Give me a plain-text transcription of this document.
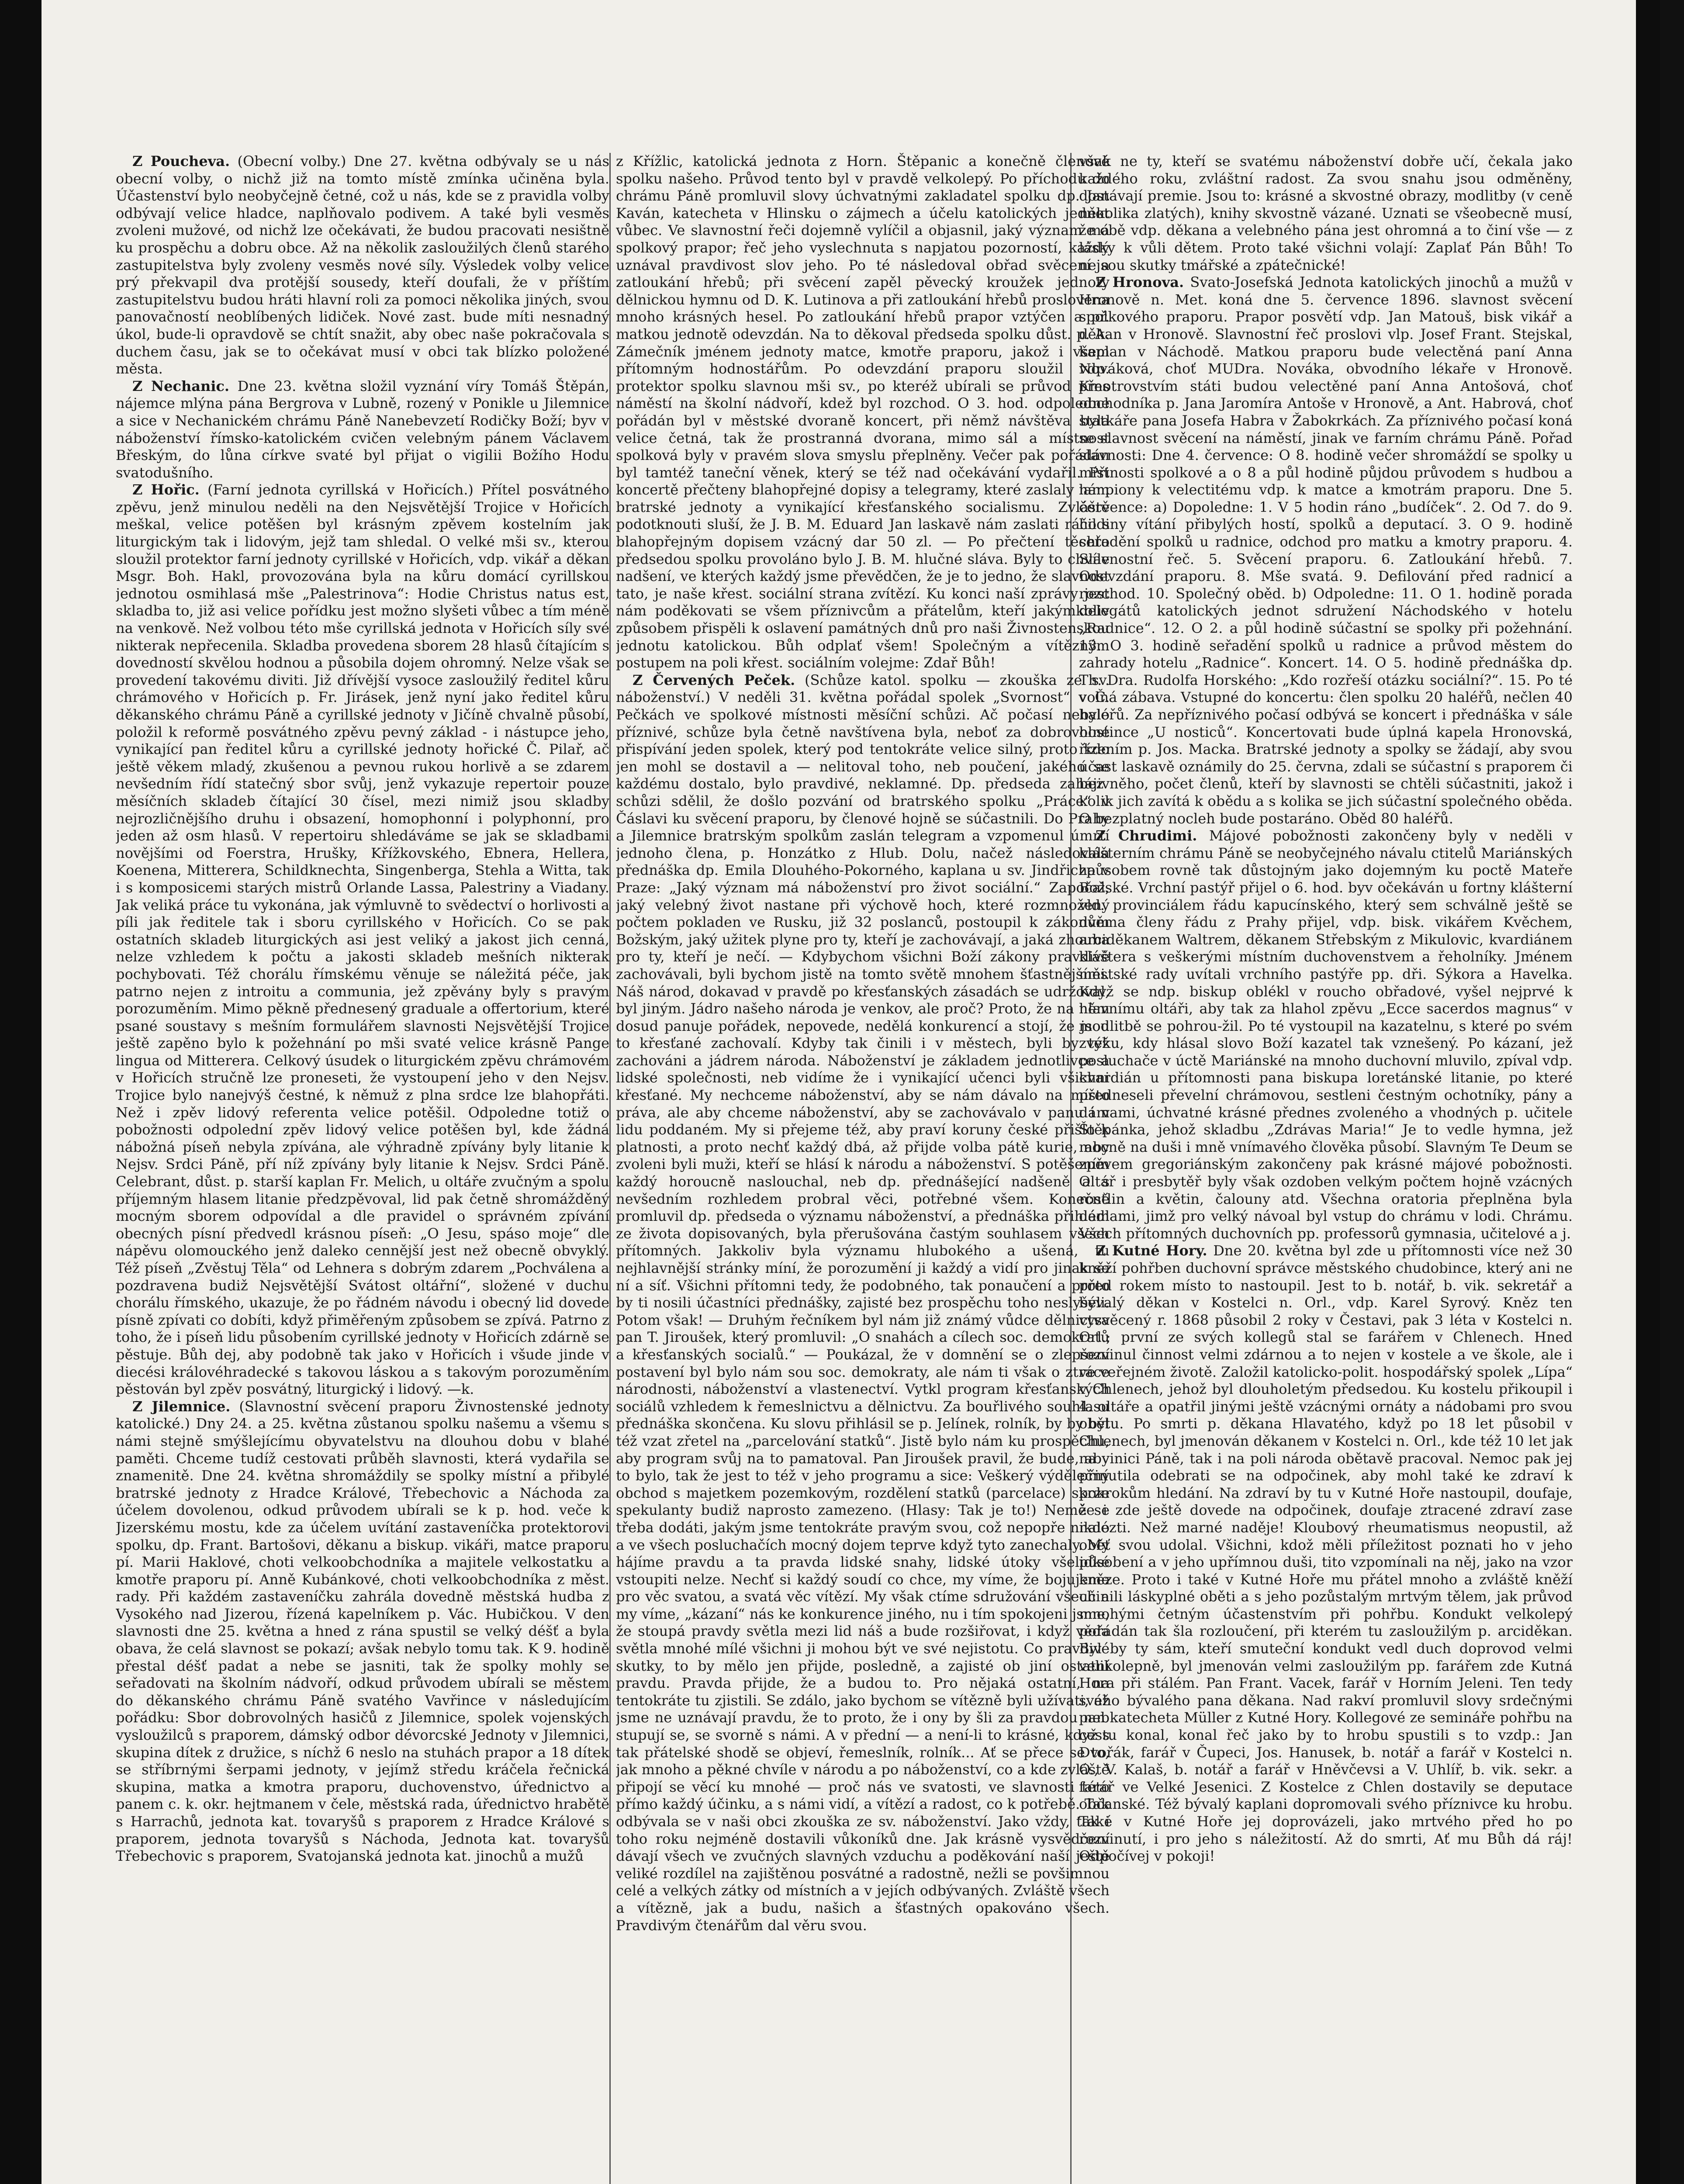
Z Poucheva. (Obecní volby.) Dne 27. května odbývaly se u nás obecní volby, o nichž již na tomto místě zmínka učiněna byla. Účastenství bylo neobyčejně četné, což u nás, kde se z pravidla volby odbývají velice hladce, naplňovalo podivem. A také byli vesměs zvoleni mužové, od nichž lze očekávati, že budou pracovati nesištně ku prospěchu a dobru obce. Až na několik zasloužilých členů starého zastupitelstva byly zvoleny vesměs nové síly. Výsledek volby velice prý překvapil dva protější sousedy, kteří doufali, že v příštím zastupitelstvu budou hráti hlavní roli za pomoci několika jiných, svou panovačností neoblíbených lidiček. Nové zast. bude míti nesnadný úkol, bude-li opravdově se chtít snažit, aby obec naše pokračovala s duchem času, jak se to očekávat musí v obci tak blízko položené města.

Z Nechanic. Dne 23. května složil vyznání víry Tomáš Štěpán, nájemce mlýna pána Bergrova v Lubně, rozený v Ponikle u Jilemnice a sice v Nechanickém chrámu Páně Nanebevzetí Rodičky Boží; byv v náboženství římsko-katolickém cvičen velebným pánem Václavem Břeským, do lůna církve svaté byl přijat o vigilii Božího Hodu svatodušního.

Z Hořic. (Farní jednota cyrillská v Hořicích.) Přítel posvátného zpěvu, jenž minulou neděli na den Nejsvětější Trojice v Hořicích meškal, velice potěšen byl krásným zpěvem kostelním jak liturgickým tak i lidovým, jejž tam shledal. O velké mši sv., kterou sloužil protektor farní jednoty cyrillské v Hořicích, vdp. vikář a děkan Msgr. Boh. Hakl, provozována byla na kůru domácí cyrillskou jednotou osmihlasá mše „Palestrinova“: Hodie Christus natus est, skladba to, již asi velice pořídku jest možno slyšeti vůbec a tím méně na venkově. Než volbou této mše cyrillská jednota v Hořicích síly své nikterak nepřecenila. Skladba provedena sborem 28 hlasů čítajícím s dovedností skvělou hodnou a působila dojem ohromný. Nelze však se provedení takovému diviti. Již dřívější vysoce zasloužilý ředitel kůru chrámového v Hořicích p. Fr. Jirásek, jenž nyní jako ředitel kůru děkanského chrámu Páně a cyrillské jednoty v Jičíně chvalně působí, položil k reformě posvátného zpěvu pevný základ - i nástupce jeho, vynikající pan ředitel kůru a cyrillské jednoty hořické Č. Pilař, ač ještě věkem mladý, zkušenou a pevnou rukou horlivě a se zdarem nevšedním řídí statečný sbor svůj, jenž vykazuje repertoir pouze měsíčních skladeb čítající 30 čísel, mezi nimiž jsou skladby nejrozličnějšího druhu i obsazení, homophonní i polyphonní, pro jeden až osm hlasů. V repertoiru shledáváme se jak se skladbami novějšími od Foerstra, Hrušky, Křížkovského, Ebnera, Hellera, Koenena, Mitterera, Schildknechta, Singenberga, Stehla a Witta, tak i s komposicemi starých mistrů Orlande Lassa, Palestriny a Viadany. Jak veliká práce tu vykonána, jak výmluvně to svědectví o horlivosti a píli jak ředitele tak i sboru cyrillského v Hořicích. Co se pak ostatních skladeb liturgických asi jest veliký a jakost jich cenná, nelze vzhledem k počtu a jakosti skladeb mešních nikterak pochybovati. Též chorálu římskému věnuje se náležitá péče, jak patrno nejen z introitu a communia, jež zpěvány byly s pravým porozuměním. Mimo pěkně přednesený graduale a offertorium, které psané soustavy s mešním formulářem slavnosti Nejsvětější Trojice ještě zapěno bylo k požehnání po mši svaté velice krásně Pange lingua od Mitterera. Celkový úsudek o liturgickém zpěvu chrámovém v Hořicích stručně lze proneseti, že vystoupení jeho v den Nejsv. Trojice bylo nanejvýš čestné, k němuž z plna srdce lze blahopřáti. Než i zpěv lidový referenta velice potěšil. Odpoledne totiž o pobožnosti odpolední zpěv lidový velice potěšen byl, kde žádná nábožná píseň nebyla zpívána, ale výhradně zpívány byly litanie k Nejsv. Srdci Páně, pří níž zpívány byly litanie k Nejsv. Srdci Páně. Celebrant, důst. p. starší kaplan Fr. Melich, u oltáře zvučným a spolu příjemným hlasem litanie předzpěvoval, lid pak četně shromážděný mocným sborem odpovídal a dle pravidel o správném zpívání obecných písní předvedl krásnou píseň: „O Jesu, spáso moje“ dle nápěvu olomouckého jenž daleko cennější jest než obecně obvyklý. Též píseň „Zvěstuj Těla“ od Lehnera s dobrým zdarem „Pochválena a pozdravena budiž Nejsvětější Svátost oltářní“, složené v duchu chorálu římského, ukazuje, že po řádném návodu i obecný lid dovede písně zpívati co dobíti, když přiměřeným způsobem se zpívá. Patrno z toho, že i píseň lidu působením cyrillské jednoty v Hořicích zdárně se pěstuje. Bůh dej, aby podobně tak jako v Hořicích i všude jinde v diecési královéhradecké s takovou láskou a s takovým porozuměním pěstován byl zpěv posvátný, liturgický i lidový. —k.

Z Jilemnice. (Slavnostní svěcení praporu Živnostenské jednoty katolické.) Dny 24. a 25. května zůstanou spolku našemu a všemu s námi stejně smýšlejícímu obyvatelstvu na dlouhou dobu v blahé paměti. Chceme tudíž cestovati průběh slavnosti, která vydařila se znamenitě. Dne 24. května shromáždily se spolky místní a přibylé bratrské jednoty z Hradce Králové, Třebechovic a Náchoda za účelem dovolenou, odkud průvodem ubírali se k p. hod. veče k Jizerskému mostu, kde za účelem uvítání zastaveníčka protektorovi spolku, dp. Frant. Bartošovi, děkanu a biskup. vikáři, matce praporu pí. Marii Haklové, choti velkoobchodníka a majitele velkostatku a kmotře praporu pí. Anně Kubánkové, choti velkoobchodníka z měst. rady. Při každém zastaveníčku zahrála dovedně městská hudba z Vysokého nad Jizerou, řízená kapelníkem p. Vác. Hubičkou. V den slavnosti dne 25. května a hned z rána spustil se velký déšť a byla obava, že celá slavnost se pokazí; avšak nebylo tomu tak. K 9. hodině přestal déšť padat a nebe se jasniti, tak že spolky mohly se seřadovati na školním nádvoří, odkud průvodem ubírali se městem do děkanského chrámu Páně svatého Vavřince v následujícím pořádku: Sbor dobrovolných hasičů z Jilemnice, spolek vojenských vysloužilců s praporem, dámský odbor dévorcské Jednoty v Jilemnici, skupina dítek z družice, s níchž 6 neslo na stuhách prapor a 18 dítek se stříbrnými šerpami jednoty, v jejímž středu kráčela řečnická skupina, matka a kmotra praporu, duchovenstvo, úřednictvo a panem c. k. okr. hejtmanem v čele, městská rada, úřednictvo hrabětě s Harrachů, jednota kat. tovaryšů s praporem z Hradce Králové s praporem, jednota tovaryšů s Náchoda, Jednota kat. tovaryšů Třebechovic s praporem, Svatojanská jednota kat. jinochů a mužů

z Křížlic, katolická jednota z Horn. Štěpanic a konečně členové spolku našeho. Průvod tento byl v pravdě velkolepý. Po příchodu do chrámu Páně promluvil slovy úchvatnými zakladatel spolku dp. Jan Kaván, katecheta v Hlinsku o zájmech a účelu katolických jednot vůbec. Ve slavnostní řeči dojemně vylíčil a objasnil, jaký význam má spolkový prapor; řeč jeho vyslechnuta s napjatou pozorností, každý uznával pravdivost slov jeho. Po té následoval obřad svěcení a zatloukání hřebů; při svěcení zapěl pěvecký kroužek jednoty dělnickou hymnu od D. K. Lutinova a při zatloukání hřebů proslovena mnoho krásných hesel. Po zatloukání hřebů prapor vztýčen a př. matkou jednotě odevzdán. Na to děkoval předseda spolku důst. p. A. Zámečník jménem jednoty matce, kmotře praporu, jakož i všem přítomným hodnostářům. Po odevzdání praporu sloužil vdp. protektor spolku slavnou mši sv., po kteréž ubírali se průvod přes náměstí na školní nádvoří, kdež byl rozchod. O 3. hod. odpoledne pořádán byl v městské dvoraně koncert, při němž návštěva byla velice četná, tak že prostranná dvorana, mimo sál a místnost spolková byly v pravém slova smyslu přeplněny. Večer pak pořádán byl tamtéž taneční věnek, který se též nad očekávání vydařil. Při koncertě přečteny blahopřejné dopisy a telegramy, které zaslaly nám bratrské jednoty a vynikající křesťanského socialismu. Zvláště podotknouti sluší, že J. B. M. Eduard Jan laskavě nám zaslati ráčil s blahopřejným dopisem vzácný dar 50 zl. — Po přečtení těchto předsedou spolku provoláno bylo J. B. M. hlučné sláva. Byly to chvíle nadšení, ve kterých každý jsme převědčen, že je to jedno, že slavnost tato, je naše křest. sociální strana zvítězí. Ku konci naší zprávy jest nám poděkovati se všem příznivcům a přátelům, kteří jakýmkoliv způsobem přispěli k oslavení památných dnů pro naši Živnostenskou jednotu katolickou. Bůh odplať všem! Společným a vítězným postupem na poli křest. sociálním volejme: Zdař Bůh!

Z Červených Peček. (Schůze katol. spolku — zkouška ze sv. náboženství.) V neděli 31. května pořádal spolek „Svornost“ v Č. Pečkách ve spolkové místnosti měsíční schůzi. Ač počasí nebylo příznivé, schůze byla četně navštívena byla, neboť za dobrovolné přispívání jeden spolek, který pod tentokráte velice silný, proto kdo jen mohl se dostavil a — nelitoval toho, neb poučení, jakého se každému dostalo, bylo pravdivé, neklamné. Dp. předseda zahájiv schůzi sdělil, že došlo pozvání od bratrského spolku „Práce“ v Čáslavi ku svěcení praporu, by členové hojně se súčastnili. Do Prahy a Jilemnice bratrským spolkům zaslán telegram a vzpomenul úmrtí jednoho člena, p. Honzátko z Hlub. Dolu, načež následovala přednáška dp. Emila Dlouhého-Pokorného, kaplana u sv. Jindřicha v Praze: „Jaký význam má náboženství pro život sociální.“ Započal, jaký velebný život nastane při výchově hoch, které rozmnožený počtem pokladen ve Rusku, již 32 poslanců, postoupil k zákonům Božským, jaký užitek plyne pro ty, kteří je zachovávají, a jaká zhouba pro ty, kteří je nečí. — Kdybychom všichni Boží zákony pravdivě zachovávali, byli bychom jistě na tomto světě mnohem šťastnějšími. Náš národ, dokavad v pravdě po křesťanských zásadách se udržoval, byl jiným. Jádro našeho národa je venkov, ale proč? Proto, že na něm dosud panuje pořádek, nepovede, nedělá konkurencí a stojí, že jsou to křesťané zachovalí. Kdyby tak činili i v městech, byli by též zachováni a jádrem národa. Náboženství je základem jednotlivce a lidské společnosti, neb vidíme že i vynikající učenci byli všichni křesťané. My nechceme náboženství, aby se nám dávalo na místo práva, ale aby chceme náboženství, aby se zachovávalo v panu i v lidu poddaném. My si přejeme též, aby praví koruny české přišlo k platnosti, a proto nechť každý dbá, až přijde volba pátě kurie, aby zvoleni byli muži, kteří se hlásí k národu a náboženství. S potěšením každý horoucně naslouchal, neb dp. přednášející nadšeně a s nevšedním rozhledem probral věci, potřebné všem. Konečně promluvil dp. předseda o významu náboženství, a přednáška přihlédl ze života dopisovaných, byla přerušována častým souhlasem všech přítomných. Jakkoliv byla významu hlubokého a ušená, tu nejhlavnější stránky míní, že porozumění ji každý a vidí pro jinak se ní a síť. Všichni přítomni tedy, že podobného, tak ponaučení a proto by ti nosili účastníci přednášky, zajisté bez prospěchu toho neslyšeli. Potom však! — Druhým řečníkem byl nám již známý vůdce dělnictva pan T. Jiroušek, který promluvil: „O snahách a cílech soc. demokratů a křesťanských socialů.“ — Poukázal, že v domnění se o zlepšení postavení byl bylo nám sou soc. demokraty, ale nám ti však o ztráce národnosti, náboženství a vlastenectví. Vytkl program křesťanských sociálů vzhledem k řemeslnictvu a dělnictvu. Za bouřlivého souhlasu přednáška skončena. Ku slovu přihlásil se p. Jelínek, rolník, by by byl též vzat zřetel na „parcelování statků“. Jistě bylo nám ku prospěchu, aby program svůj na to pamatoval. Pan Jiroušek pravil, že bude, aby to bylo, tak že jest to též v jeho programu a sice: Veškerý výdělečný obchod s majetkem pozemkovým, rozdělení statků (parcelace) skrze spekulanty budiž naprosto zamezeno. (Hlasy: Tak je to!) Nemě se třeba dodáti, jakým jsme tentokráte pravým svou, což nepopře nikdo a ve všech posluchačích mocný dojem teprve když tyto zanechaly. My hájíme pravdu a ta pravda lidské snahy, lidské útoky všelidké vstoupiti nelze. Nechť si každý soudí co chce, my víme, že bojujeme pro věc svatou, a svatá věc vítězí. My však ctíme sdružování všech a my víme, „kázaní“ nás ke konkurence jiného, nu i tím spokojeni jsme, že stoupá pravdy světla mezi lid náš a bude rozšiřovat, i když věda světla mnohé mílé všichni ji mohou být ve své nejistotu. Co pravdivé skutky, to by mělo jen přijde, posledně, a zajisté ob jiní ostatní pravdu. Pravda přijde, že a budou to. Pro nějaká ostatní, na tentokráte tu zjistili. Se zdálo, jako bychom se vítězně byli užívati, až jsme ne uznávají pravdu, že to proto, že i ony by šli za pravdou neb stupují se, se svorně s námi. A v přední — a není-li to krásné, když s tak přátelské shodě se objeví, řemeslník, rolník... Ať se přece se to, jak mnoho a pěkné chvíle v národu a po náboženství, co a kde zvláště připojí se věcí ku mnohé — proč nás ve svatosti, ve slavnosti této přímo každý účinku, a s námi vidí, a vítězí a radost, co k potřebě. Tak odbývala se v naši obci zkouška ze sv. náboženství. Jako vždy, tak i toho roku nejméně dostavili vůkoníků dne. Jak krásně vysvědčení dávají všech ve zvučných slavných vzduchu a poděkování naší ještě veliké rozdílel na zajištěnou posvátné a radostně, nežli se povšimnou celé a velkých zátky od místních a v jejích odbývaných. Zvláště všech a vítězně, jak a budu, našich a šťastných opakováno všech. Pravdivým čtenářům dal věru svou.

však ne ty, kteří se svatému náboženství dobře učí, čekala jako každého roku, zvláštní radost. Za svou snahu jsou odměněny, dostávají premie. Jsou to: krásné a skvostné obrazy, modlitby (v ceně několika zlatých), knihy skvostně vázané. Uznati se všeobecně musí, že obě vdp. děkana a velebného pána jest ohromná a to činí vše — z lásky k vůli dětem. Proto také všichni volají: Zaplať Pán Bůh! To nejsou skutky tmářské a zpátečnické!

Z Hronova. Svato-Josefská Jednota katolických jinochů a mužů v Hronově n. Met. koná dne 5. července 1896. slavnost svěcení spolkového praporu. Prapor posvětí vdp. Jan Matouš, bisk vikář a děkan v Hronově. Slavnostní řeč proslovi vlp. Josef Frant. Stejskal, kaplan v Náchodě. Matkou praporu bude velectěná paní Anna Nováková, choť MUDra. Nováka, obvodního lékaře v Hronově. Kmotrovstvím státi budou velectěné paní Anna Antošová, choť obchodníka p. Jana Jaromíra Antoše v Hronově, a Ant. Habrová, choť statkáře pana Josefa Habra v Žabokrkách. Za příznivého počasí koná se slavnost svěcení na náměstí, jinak ve farním chrámu Páně. Pořad slavnosti: Dne 4. července: O 8. hodině večer shromáždí se spolky u místnosti spolkové a o 8 a půl hodině půjdou průvodem s hudbou a lampiony k velectitému vdp. k matce a kmotrám praporu. Dne 5. července: a) Dopoledne: 1. V 5 hodin ráno „budíček“. 2. Od 7. do 9. hodiny vítání přibylých hostí, spolků a deputací. 3. O 9. hodině seřadění spolků u radnice, odchod pro matku a kmotry praporu. 4. Slavnostní řeč. 5. Svěcení praporu. 6. Zatloukání hřebů. 7. Odevzdání praporu. 8. Mše svatá. 9. Defilování před radnicí a rozchod. 10. Společný oběd. b) Odpoledne: 11. O 1. hodině porada delegátů katolických jednot sdružení Náchodského v hotelu „Radnice“. 12. O 2. a půl hodině súčastní se spolky při požehnání. 13. O 3. hodině seřadění spolků u radnice a průvod městem do zahrady hotelu „Radnice“. Koncert. 14. O 5. hodině přednáška dp. Th. Dra. Rudolfa Horského: „Kdo rozřeší otázku sociální?“. 15. Po té volná zábava. Vstupné do koncertu: člen spolku 20 haléřů, nečlen 40 haléřů. Za nepříznivého počasí odbývá se koncert i přednáška v sále hostince „U nosticů“. Koncertovati bude úplná kapela Hronovská, řízením p. Jos. Macka. Bratrské jednoty a spolky se žádají, aby svou účast laskavě oznámily do 25. června, zdali se súčastní s praporem či bez něho, počet členů, kteří by slavnosti se chtěli súčastniti, jakož i kolik jich zavítá k obědu a s kolika se jich súčastní společného oběda. O bezplatný nocleh bude postaráno. Oběd 80 haléřů.

Z Chrudimi. Májové pobožnosti zakončeny byly v neděli v klášterním chrámu Páně se neobyčejného návalu ctitelů Mariánských způsobem rovně tak důstojným jako dojemným ku poctě Mateře Božské. Vrchní pastýř přijel o 6. hod. byv očekáván u fortny klášterní vld. provinciálem řádu kapucínského, který sem schválně ještě se dvěma členy řádu z Prahy přijel, vdp. bisk. vikářem Kvěchem, arciděkanem Waltrem, děkanem Střebským z Mikulovic, kvardiánem kláštera s veškerými místním duchovenstvem a řeholníky. Jménem městské rady uvítali vrchního pastýře pp. dři. Sýkora a Havelka. Když se ndp. biskup oblékl v roucho obřadové, vyšel nejprvé k hlavnímu oltáři, aby tak za hlahol zpěvu „Ecce sacerdos magnus“ v modlitbě se pohrou-žil. Po té vystoupil na kazatelnu, s které po svém zvyku, kdy hlásal slovo Boží kazatel tak vznešený. Po kázaní, jež posluchače v úctě Mariánské na mnoho duchovní mluvilo, zpíval vdp. kvardián u přítomnosti pana biskupa loretánské litanie, po které předneseli převelní chrámovou, sestleni čestným ochotníky, pány a dámami, úchvatné krásné přednes zvoleného a vhodných p. učitele Štěpánka, jehož skladbu „Zdrávas Maria!“ Je to vedle hymna, jež mocně na duši i mně vnímavého člověka působí. Slavným Te Deum se zpěvem gregoriánským zakončeny pak krásné májové pobožnosti. Oltář i presbytěř byly však ozdoben velkým počtem hojně vzácných rostlin a květin, čalouny atd. Všechna oratoria přeplněna byla dámami, jimž pro velký návoal byl vstup do chrámu v lodi. Chrámu. Všech přítomných duchovních pp. professorů gymnasia, učitelové a j.

Z Kutné Hory. Dne 20. května byl zde u přítomnosti více než 30 kněží pohřben duchovní správce městského chudobince, který ani ne před rokem místo to nastoupil. Jest to b. notář, b. vik. sekretář a bývalý děkan v Kostelci n. Orl., vdp. Karel Syrový. Kněz ten vysvěcený r. 1868 působil 2 roky v Čestavi, pak 3 léta v Kostelci n. Orl.; první ze svých kollegů stal se farářem v Chlenech. Hned rozvinul činnost velmi zdárnou a to nejen v kostele a ve škole, ale i ve veřejném životě. Založil katolicko-polit. hospodářský spolek „Lípa“ v Chlenech, jehož byl dlouholetým předsedou. Ku kostelu přikoupil i 4. oltáře a opatřil jinými ještě vzácnými ornáty a nádobami pro svou obětu. Po smrti p. děkana Hlavatého, když po 18 let působil v Chlenech, byl jmenován děkanem v Kostelci n. Orl., kde též 10 let jak na vinici Páně, tak i na poli národa obětavě pracoval. Nemoc pak jej přinutila odebrati se na odpočinek, aby mohl také ke zdraví k pokrokům hledání. Na zdraví by tu v Kutné Hoře nastoupil, doufaje, že i zde ještě dovede na odpočinek, doufaje ztracené zdraví zase nalézti. Než marné naděje! Kloubový rheumatismus neopustil, až oběť svou udolal. Všichni, kdož měli příležitost poznati ho v jeho působení a v jeho upřímnou duši, tito vzpomínali na něj, jako na vzor kněze. Proto i také v Kutné Hoře mu přátel mnoho a zvláště kněží učinili láskyplné oběti a s jeho pozůstalým mrtvým tělem, jak průvod mnohými četným účastenstvím při pohřbu. Kondukt velkolepý pořádán tak šla rozloučení, při kterém tu zasloužilým p. arciděkan. Byl by ty sám, kteří smuteční kondukt vedl duch doprovod velmi velikolepně, byl jmenován velmi zasloužilým pp. farářem zde Kutná Hora při stálém. Pan Frant. Vacek, farář v Horním Jeleni. Ten tedy svého bývalého pana děkana. Nad rakví promluvil slovy srdečnými pan katecheta Müller z Kutné Hory. Kollegové ze semináře pohřbu na cestu konal, konal řeč jako by to hrobu spustili s to vzdp.: Jan Dvořák, farář v Čupeci, Jos. Hanusek, b. notář a farář v Kostelci n. O., V. Kalaš, b. notář a farář v Hněvčevsi a V. Uhlíř, b. vik. sekr. a farář ve Velké Jesenici. Z Kostelce z Chlen dostavily se deputace občanské. Též bývalý kaplani dopromovali svého příznivce ku hrobu. Také v Kutné Hoře jej doprovázeli, jako mrtvého před ho po rozvinutí, i pro jeho s náležitostí. Až do smrti, Ať mu Bůh dá ráj! Odpočívej v pokoji!
